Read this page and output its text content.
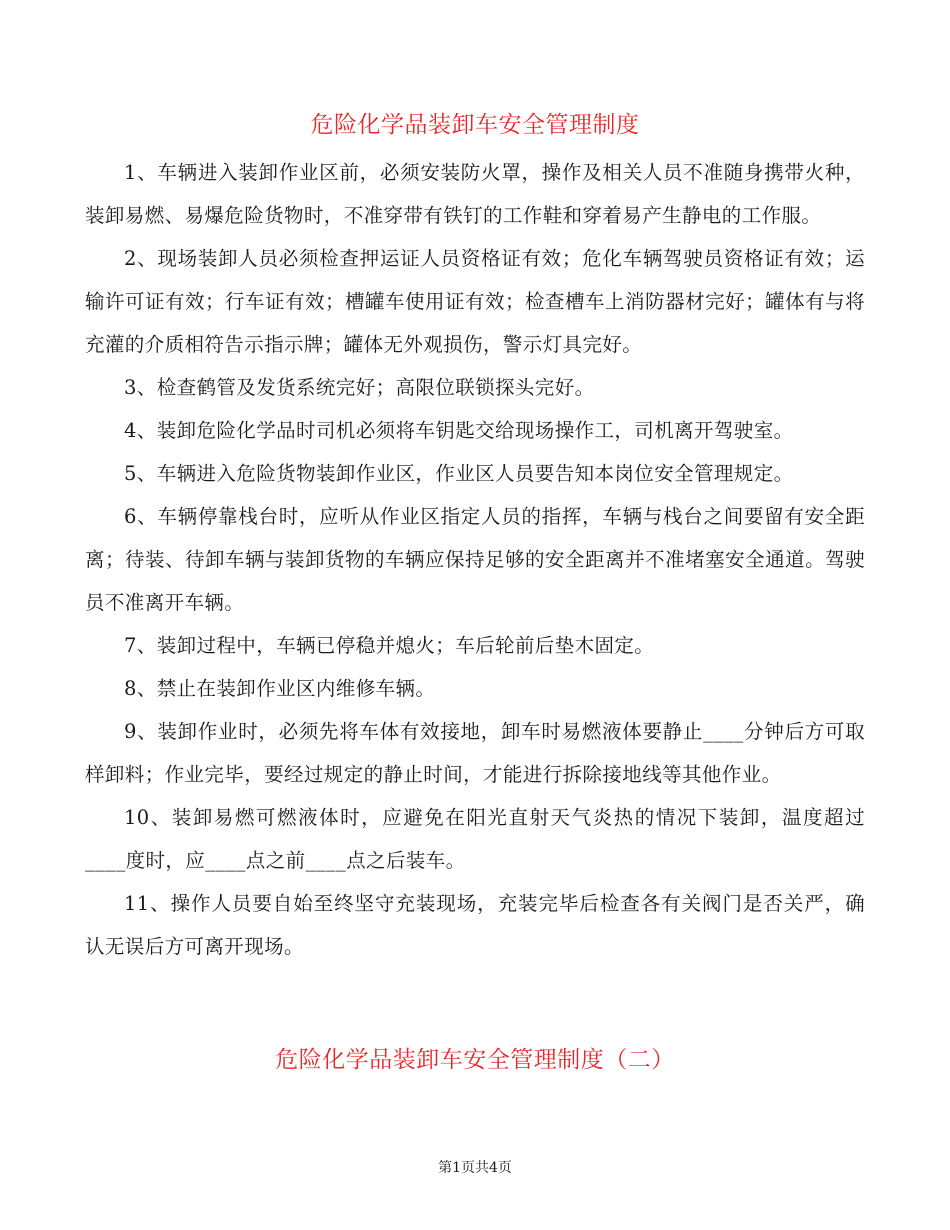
危险化学品装卸车安全管理制度

1、车辆进入装卸作业区前，必须安装防火罩，操作及相关人员不准随身携带火种，装卸易燃、易爆危险货物时，不准穿带有铁钉的工作鞋和穿着易产生静电的工作服。

2、现场装卸人员必须检查押运证人员资格证有效；危化车辆驾驶员资格证有效；运输许可证有效；行车证有效；槽罐车使用证有效；检查槽车上消防器材完好；罐体有与将充灌的介质相符告示指示牌；罐体无外观损伤，警示灯具完好。

3、检查鹤管及发货系统完好；高限位联锁探头完好。

4、装卸危险化学品时司机必须将车钥匙交给现场操作工，司机离开驾驶室。

5、车辆进入危险货物装卸作业区，作业区人员要告知本岗位安全管理规定。

6、车辆停靠栈台时，应听从作业区指定人员的指挥，车辆与栈台之间要留有安全距离；待装、待卸车辆与装卸货物的车辆应保持足够的安全距离并不准堵塞安全通道。驾驶员不准离开车辆。

7、装卸过程中，车辆已停稳并熄火；车后轮前后垫木固定。

8、禁止在装卸作业区内维修车辆。

9、装卸作业时，必须先将车体有效接地，卸车时易燃液体要静止____分钟后方可取样卸料；作业完毕，要经过规定的静止时间，才能进行拆除接地线等其他作业。

10、装卸易燃可燃液体时，应避免在阳光直射天气炎热的情况下装卸，温度超过____度时，应____点之前____点之后装车。

11、操作人员要自始至终坚守充装现场，充装完毕后检查各有关阀门是否关严，确认无误后方可离开现场。

危险化学品装卸车安全管理制度（二）
第1页共4页
